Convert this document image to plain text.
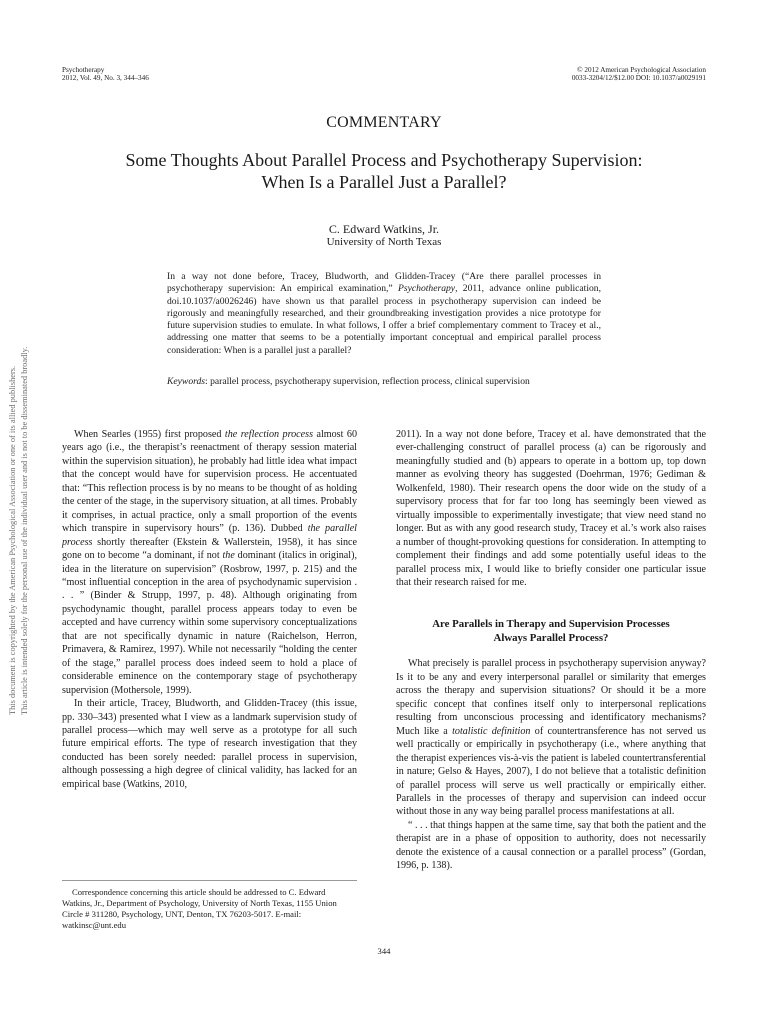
This document is copyrighted by the American Psychological Association or one of its allied publishers. This article is intended solely for the personal use of the individual user and is not to be disseminated broadly.

Psychotherapy

2012, Vol. 49, No. 3, 344–346

© 2012 American Psychological Association

0033-3204/12/$12.00 DOI: 10.1037/a0029191

COMMENTARY
Some Thoughts About Parallel Process and Psychotherapy Supervision:
When Is a Parallel Just a Parallel?

C. Edward Watkins, Jr.

University of North Texas

In a way not done before, Tracey, Bludworth, and Glidden-Tracey (“Are there parallel processes in psychotherapy supervision: An empirical examination,” Psychotherapy, 2011, advance online publication, doi.10.1037/a0026246) have shown us that parallel process in psychotherapy supervision can indeed be rigorously and meaningfully researched, and their groundbreaking investigation provides a nice prototype for future supervision studies to emulate. In what follows, I offer a brief complementary comment to Tracey et al., addressing one matter that seems to be a potentially important conceptual and empirical parallel process consideration: When is a parallel just a parallel?

Keywords: parallel process, psychotherapy supervision, reflection process, clinical supervision

When Searles (1955) first proposed the reflection process almost 60 years ago (i.e., the therapist’s reenactment of therapy session material within the supervision situation), he probably had little idea what impact that the concept would have for supervision process. He accentuated that: “This reflection process is by no means to be thought of as holding the center of the stage, in the supervisory situation, at all times. Probably it comprises, in actual practice, only a small proportion of the events which transpire in supervisory hours” (p. 136). Dubbed the parallel process shortly thereafter (Ekstein & Wallerstein, 1958), it has since gone on to become “a dominant, if not the dominant (italics in original), idea in the literature on supervision” (Rosbrow, 1997, p. 215) and the “most influential conception in the area of psychodynamic supervision . . . ” (Binder & Strupp, 1997, p. 48). Although originating from psychodynamic thought, parallel process appears today to even be accepted and have currency within some supervisory conceptualizations that are not specifically dynamic in nature (Raichelson, Herron, Primavera, & Ramirez, 1997). While not necessarily “holding the center of the stage,” parallel process does indeed seem to hold a place of considerable eminence on the contemporary stage of psychotherapy supervision (Mothersole, 1999).

In their article, Tracey, Bludworth, and Glidden-Tracey (this issue, pp. 330–343) presented what I view as a landmark supervision study of parallel process—which may well serve as a prototype for all such future empirical efforts. The type of research investigation that they conducted has been sorely needed: parallel process in supervision, although possessing a high degree of clinical validity, has lacked for an empirical base (Watkins, 2010,

2011). In a way not done before, Tracey et al. have demonstrated that the ever-challenging construct of parallel process (a) can be rigorously and meaningfully studied and (b) appears to operate in a bottom up, top down manner as evolving theory has suggested (Doehrman, 1976; Gediman & Wolkenfeld, 1980). Their research opens the door wide on the study of a supervisory process that for far too long has seemingly been viewed as virtually impossible to experimentally investigate; that view need stand no longer. But as with any good research study, Tracey et al.’s work also raises a number of thought-provoking questions for consideration. In attempting to complement their findings and add some potentially useful ideas to the parallel process mix, I would like to briefly consider one particular issue that their research raised for me.

Are Parallels in Therapy and Supervision Processes
Always Parallel Process?

What precisely is parallel process in psychotherapy supervision anyway? Is it to be any and every interpersonal parallel or similarity that emerges across the therapy and supervision situations? Or should it be a more specific concept that confines itself only to interpersonal replications resulting from unconscious processing and identificatory mechanisms? Much like a totalistic definition of countertransference has not served us well practically or empirically in psychotherapy (i.e., where anything that the therapist experiences vis-à-vis the patient is labeled countertransferential in nature; Gelso & Hayes, 2007), I do not believe that a totalistic definition of parallel process will serve us well practically or empirically either. Parallels in the processes of therapy and supervision can indeed occur without those in any way being parallel process manifestations at all.

“ . . . that things happen at the same time, say that both the patient and the therapist are in a phase of opposition to authority, does not necessarily denote the existence of a causal connection or a parallel process” (Gordan, 1996, p. 138).

Correspondence concerning this article should be addressed to C. Edward Watkins, Jr., Department of Psychology, University of North Texas, 1155 Union Circle # 311280, Psychology, UNT, Denton, TX 76203-5017. E-mail: watkinsc@unt.edu

344
